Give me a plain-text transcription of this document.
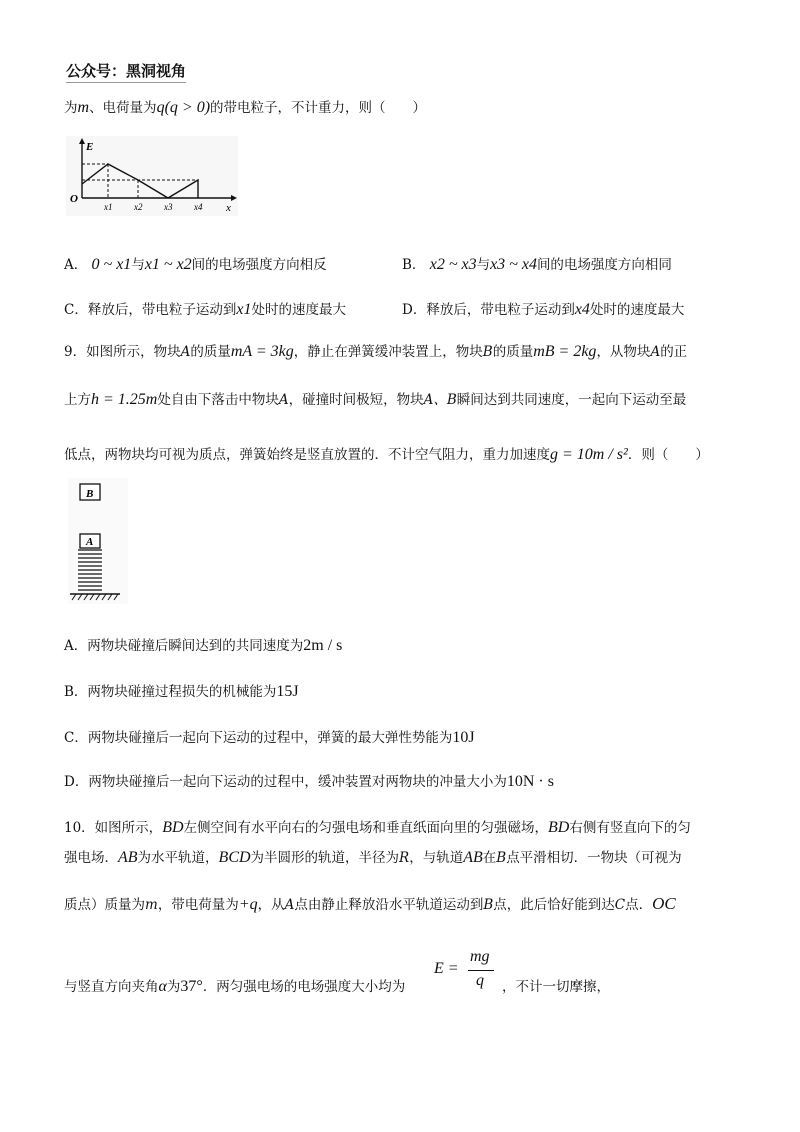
公众号：黑洞视角
为m、电荷量为q(q > 0)的带电粒子，不计重力，则（　　）
E
x
O
x1 x2 x3 x4
A． 0 ~ x1与x1 ~ x2间的电场强度方向相反	B． x2 ~ x3与x3 ~ x4间的电场强度方向相同
C．释放后，带电粒子运动到x1处时的速度最大	D．释放后，带电粒子运动到x4处时的速度最大
9．如图所示，物块A的质量mA = 3kg，静止在弹簧缓冲装置上，物块B的质量mB = 2kg，从物块A的正
上方h = 1.25m处自由下落击中物块A，碰撞时间极短，物块A、B瞬间达到共同速度，一起向下运动至最
低点，两物块均可视为质点，弹簧始终是竖直放置的．不计空气阻力，重力加速度g = 10m / s²．则（　　）
B
A
A．两物块碰撞后瞬间达到的共同速度为2m / s
B．两物块碰撞过程损失的机械能为15J
C．两物块碰撞后一起向下运动的过程中，弹簧的最大弹性势能为10J
D．两物块碰撞后一起向下运动的过程中，缓冲装置对两物块的冲量大小为10N · s
10．如图所示，BD左侧空间有水平向右的匀强电场和垂直纸面向里的匀强磁场，BD右侧有竖直向下的匀
强电场．AB为水平轨道，BCD为半圆形的轨道，半径为R，与轨道AB在B点平滑相切．一物块（可视为
质点）质量为m，带电荷量为+q，从A点由静止释放沿水平轨道运动到B点，此后恰好能到达C点．OC
与竖直方向夹角α为37°．两匀强电场的电场强度大小均为
E =
mg
q ，不计一切摩擦，
